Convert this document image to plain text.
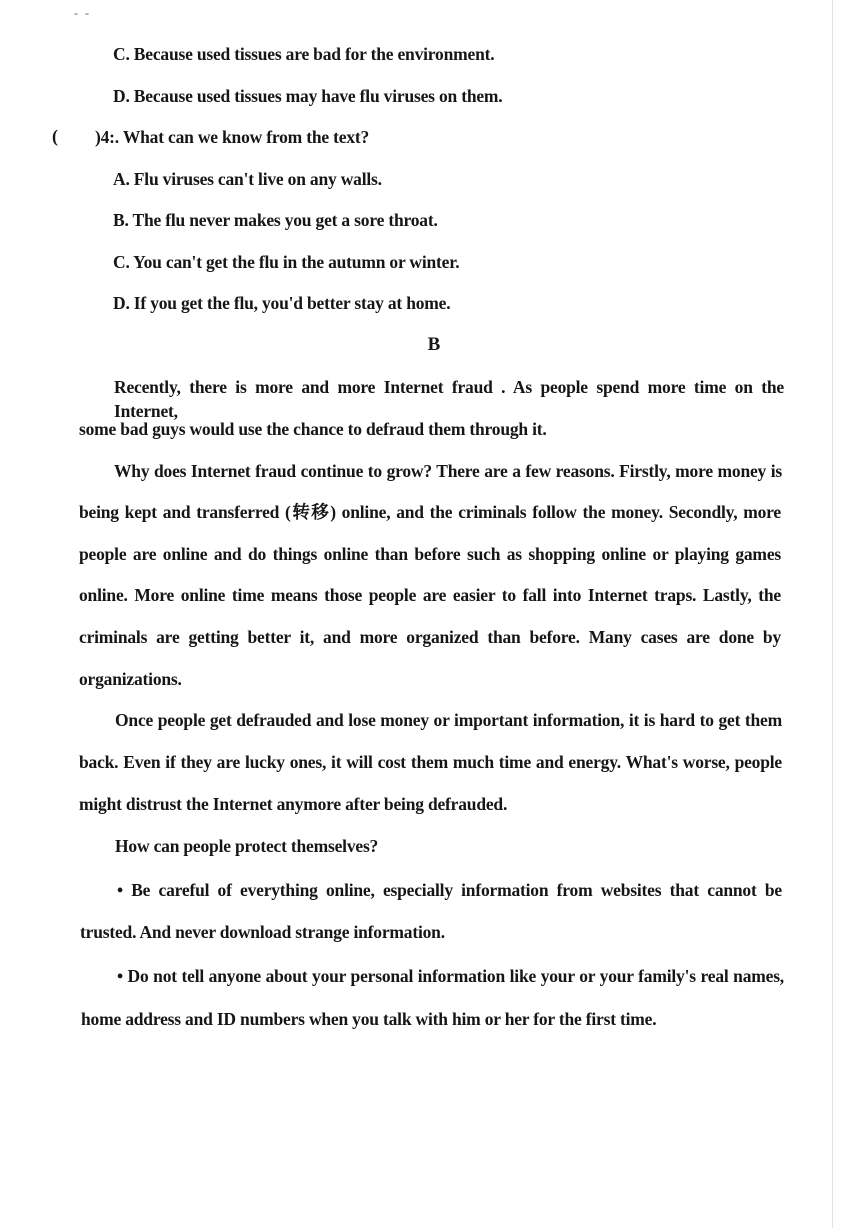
- -
C. Because used tissues are bad for the environment.
D. Because used tissues may have flu viruses on them.
( )4:. What can we know from the text?
A. Flu viruses can't live on any walls.
B. The flu never makes you get a sore throat.
C. You can't get the flu in the autumn or winter.
D. If you get the flu, you'd better stay at home.
B
Recently, there is more and more Internet fraud . As people spend more time on the Internet,
some bad guys would use the chance to defraud them through it.
Why does Internet fraud continue to grow? There are a few reasons. Firstly, more money is
being kept and transferred (转移) online, and the criminals follow the money. Secondly, more
people are online and do things online than before such as shopping online or playing games
online. More online time means those people are easier to fall into Internet traps. Lastly, the
criminals are getting better it, and more organized than before. Many cases are done by
organizations.
Once people get defrauded and lose money or important information, it is hard to get them
back. Even if they are lucky ones, it will cost them much time and energy. What's worse, people
might distrust the Internet anymore after being defrauded.
How can people protect themselves?
• Be careful of everything online, especially information from websites that cannot be
trusted. And never download strange information.
• Do not tell anyone about your personal information like your or your family's real names,
home address and ID numbers when you talk with him or her for the first time.
